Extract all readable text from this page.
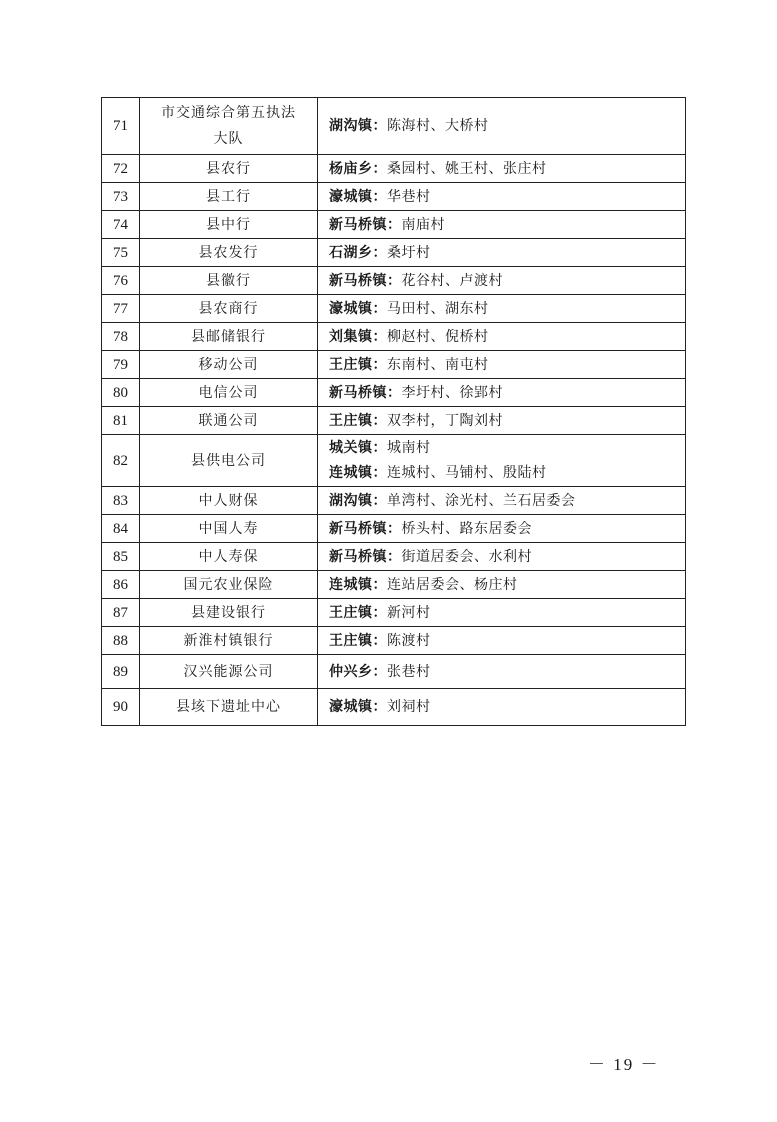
71	市交通综合第五执法大队	湖沟镇：陈海村、大桥村

72	县农行	杨庙乡：桑园村、姚王村、张庄村

73	县工行	濠城镇：华巷村

74	县中行	新马桥镇：南庙村

75	县农发行	石湖乡：桑圩村

76	县徽行	新马桥镇：花谷村、卢渡村

77	县农商行	濠城镇：马田村、湖东村

78	县邮储银行	刘集镇：柳赵村、倪桥村

79	移动公司	王庄镇：东南村、南屯村

80	电信公司	新马桥镇：李圩村、徐郢村

81	联通公司	王庄镇：双李村，丁陶刘村

82	县供电公司	城关镇：城南村
连城镇：连城村、马铺村、殷陆村

83	中人财保	湖沟镇：单湾村、涂光村、兰石居委会

84	中国人寿	新马桥镇：桥头村、路东居委会

85	中人寿保	新马桥镇：街道居委会、水利村

86	国元农业保险	连城镇：连站居委会、杨庄村

87	县建设银行	王庄镇：新河村

88	新淮村镇银行	王庄镇：陈渡村

89	汉兴能源公司	仲兴乡：张巷村

90	县垓下遗址中心	濠城镇：刘祠村
－ 19 －
